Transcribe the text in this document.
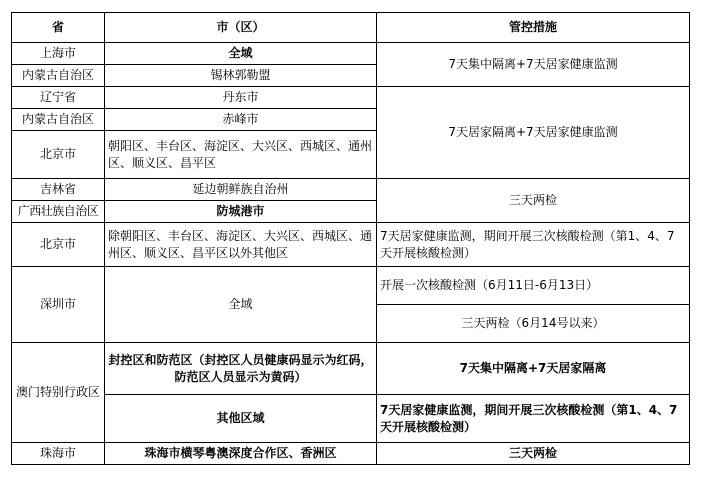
省	市（区）	管控措施
上海市	全域	7天集中隔离+7天居家健康监测
内蒙古自治区	锡林郭勒盟	
辽宁省	丹东市	7天居家隔离+7天居家健康监测
内蒙古自治区	赤峰市	
北京市	朝阳区、丰台区、海淀区、大兴区、西城区、通州区、顺义区、昌平区	
吉林省	延边朝鲜族自治州	三天两检
广西壮族自治区	防城港市	
北京市	除朝阳区、丰台区、海淀区、大兴区、西城区、通州区、顺义区、昌平区以外其他区	7天居家健康监测，期间开展三次核酸检测（第1、4、7天开展核酸检测）
深圳市	全域	开展一次核酸检测（6月11日-6月13日）
		三天两检（6月14号以来）
澳门特别行政区	封控区和防范区（封控区人员健康码显示为红码，防范区人员显示为黄码）	7天集中隔离+7天居家隔离
	其他区域	7天居家健康监测，期间开展三次核酸检测（第1、4、7天开展核酸检测）
珠海市	珠海市横琴粤澳深度合作区、香洲区	三天两检
